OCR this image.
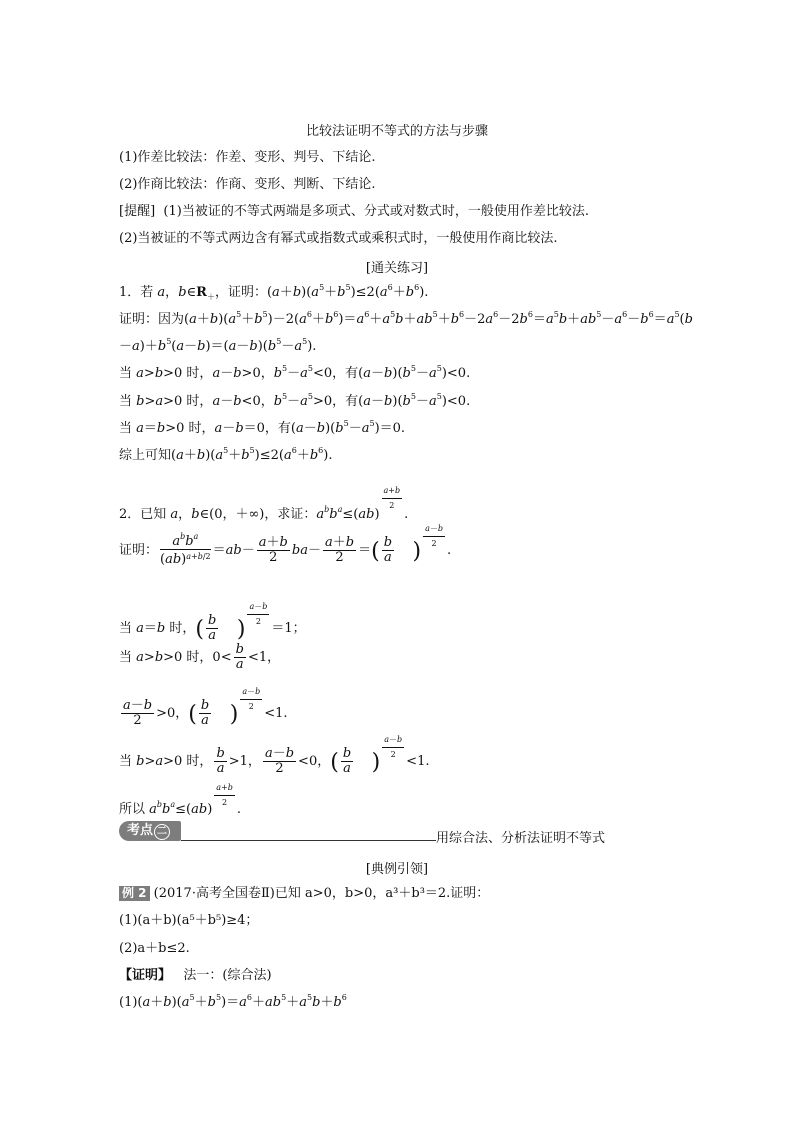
比较法证明不等式的方法与步骤
(1)作差比较法：作差、变形、判号、下结论.
(2)作商比较法：作商、变形、判断、下结论.
[提醒] (1)当被证的不等式两端是多项式、分式或对数式时，一般使用作差比较法.
(2)当被证的不等式两边含有幂式或指数式或乘积式时，一般使用作商比较法.
[通关练习]
1．若 a，$b\in R_+$，证明：$(a+b)(a^5+b^5)\le 2(a^6+b^6)$.
证明：因为$(a+b)(a^5+b^5)-2(a^6+b^6)=a^6+a^5b+ab^5+b^6-2a^6-2b^6=a^5b+ab^5-a^6-b^6=a^5(b$
$-a)+b^5(a-b)=(a-b)(b^5-a^5)$.
当 a>b>0 时，a－b>0，$b^5-a^5<0$，有$(a-b)(b^5-a^5)<0$.
当 b>a>0 时，a－b<0，$b^5-a^5>0$，有$(a-b)(b^5-a^5)<0$.
当 a＝b>0 时，a－b＝0，有$(a-b)(b^5-a^5)=0$.
综上可知$(a+b)(a^5+b^5)\le 2(a^6+b^6)$.
2．已知 a，b∈(0，＋∞)，求证：$a^bb^a\le(ab)$
$\frac{a+b}{2}$
.
证明： $\frac{a^bb^a}{(ab)^{a+b/2}} =ab- \frac{a+b}{2} ba- \frac{a+b}{2}$ ＝( $\frac{b}{a}$ )
$\frac{a-b}{2}$ .
当 a＝b 时，( $\frac{b}{a}$ )
$\frac{a-b}{2} =1$；
当 a>b>0 时，$0< \frac{b}{a} <1$，
$\frac{a-b}{2} >0$，( $\frac{b}{a}$ )
$\frac{a-b}{2} <1$.
当 b>a>0 时， $\frac{b}{a} >1$， $\frac{a-b}{2} <0$，( $\frac{b}{a}$ )
$\frac{a-b}{2} <1$.
所以 $a^bb^a\le(ab) \frac{a+b}{2}$ .
考点 二	用综合法、分析法证明不等式
[典例引领]
例 2 (2017·高考全国卷Ⅱ)已知 a>0，b>0，a³＋b³＝2.证明：
(1)(a＋b)(a⁵＋b⁵)≥4；
(2)a＋b≤2.
【证明】 法一：(综合法)
$(1)(a+b)(a^5+b^5)=a^6+ab^5+a^5b+b^6$
